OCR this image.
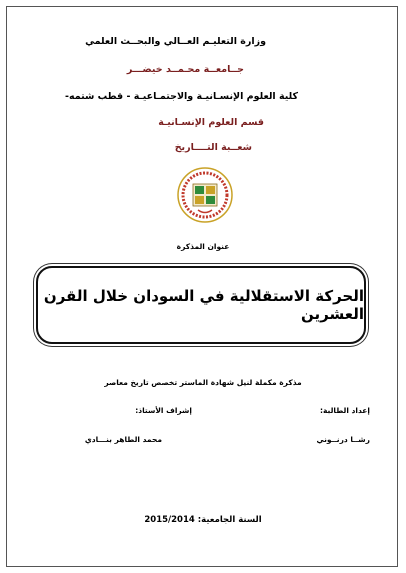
وزارة التعليـم العــالي والبحــث العلمي
جــامعــة محـمــد خيضـــر
كلية العلوم الإنسـانيـة والاجتمـاعيـة - قطب شتمه-
قسم العلوم الإنسـانيـة
شعــبة التــــاريخ
عنوان المذكرة
الحركة الاستقلالية في السودان خلال القرن العشرين
مذكرة مكملة لنيل شهادة الماستر تخصص تاريخ معاصر
إعداد الطالبة:
إشراف الأستاذ:
رشــا درنــوني
محمد الطاهر بنـــادي
السنة الجامعية: 2015/2014
